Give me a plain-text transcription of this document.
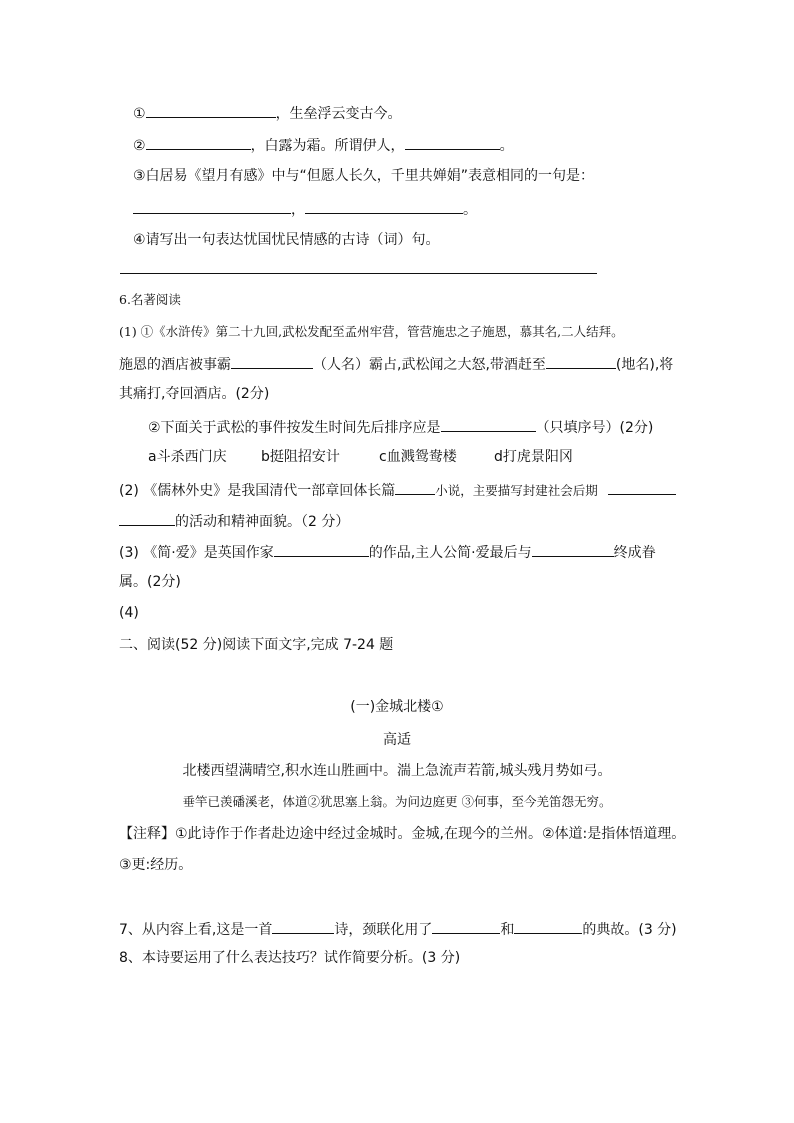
①	，生垒浮云变古今。
②	，白露为霜。所谓伊人，	。
③白居易《望月有感》中与“但愿人长久，千里共婵娟”表意相同的一句是：
，	。
④请写出一句表达忧国忧民情感的古诗（词）句。
6.名著阅读
(1) ①《水浒传》第二十九回,武松发配至孟州牢营，管营施忠之子施恩，慕其名,二人结拜。
施恩的酒店被事霸	（人名）霸占,武松闻之大怒,带酒赶至	(地名),将
其痛打,夺回酒店。(2分)
②下面关于武松的事件按发生时间先后排序应是	（只填序号）(2分)
a斗杀西门庆 b挺阻招安计	c血溅鸳鸯楼	d打虎景阳冈
(2) 《儒林外史》是我国清代一部章回体长篇	小说，主要描写封建社会后期
的活动和精神面貌。（2 分）
(3) 《简·爱》是英国作家	的作品,主人公简·爱最后与	终成眷
属。(2分)
(4)
二、阅读(52 分)阅读下面文字,完成 7-24 题
(一)金城北楼①
高适
北楼西望满晴空,积水连山胜画中。湍上急流声若箭,城头残月势如弓。
垂竿已羡磻溪老，体道②犹思塞上翁。为问边庭更 ③何事，至今羌笛怨无穷。
【注释】①此诗作于作者赴边途中经过金城时。金城,在现今的兰州。②体道:是指体悟道理。
③更:经历。
7、从内容上看,这是一首	诗，颈联化用了	和	的典故。(3 分)
8、本诗要运用了什么表达技巧？试作简要分析。(3 分)
